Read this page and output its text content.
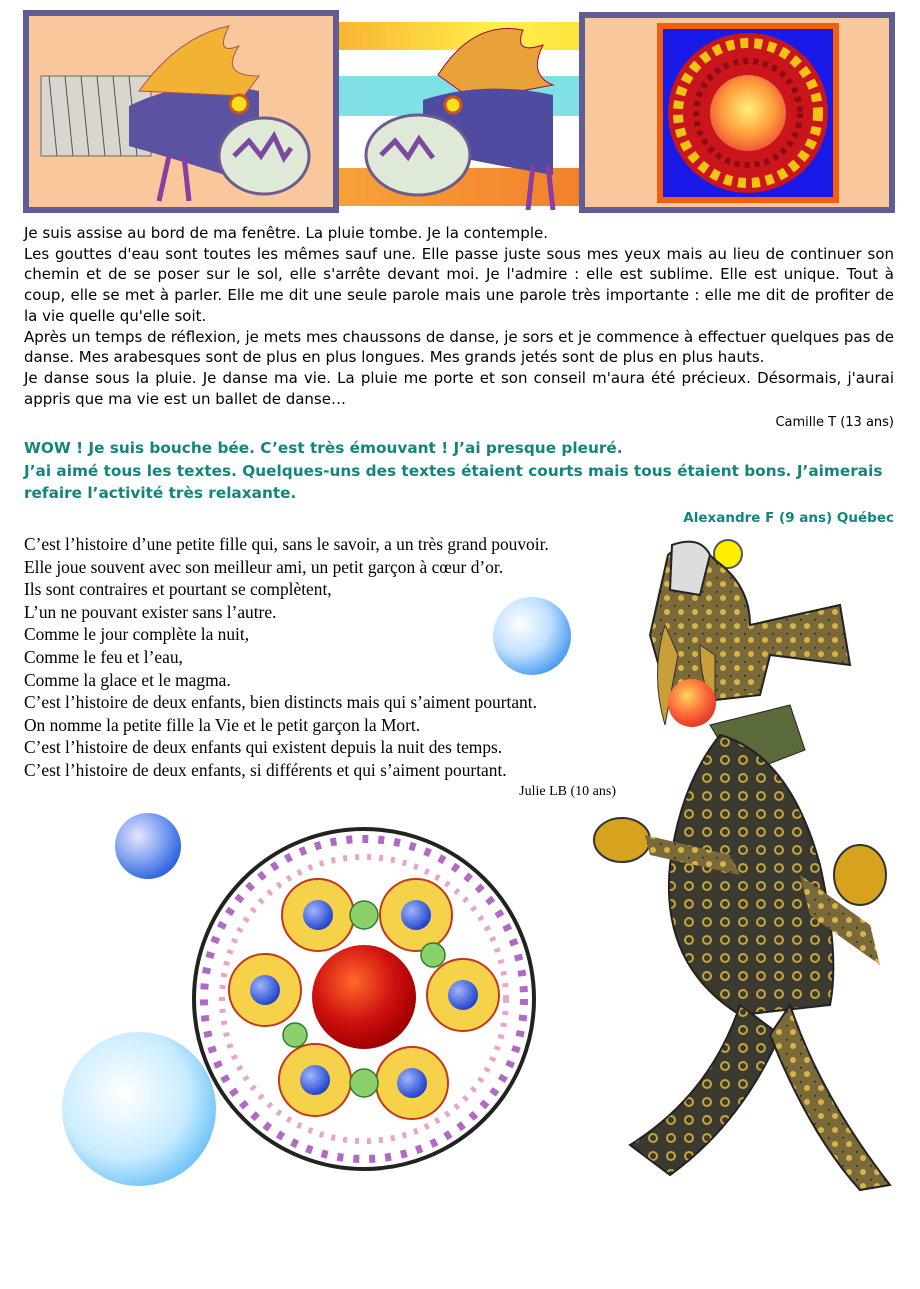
Je suis assise au bord de ma fenêtre. La pluie tombe. Je la contemple.

Les gouttes d'eau sont toutes les mêmes sauf une. Elle passe juste sous mes yeux mais au lieu de continuer son chemin et de se poser sur le sol, elle s'arrête devant moi. Je l'admire : elle est sublime. Elle est unique. Tout à coup, elle se met à parler. Elle me dit une seule parole mais une parole très importante : elle me dit de profiter de la vie quelle qu'elle soit.

Après un temps de réflexion, je mets mes chaussons de danse, je sors et je commence à effectuer quelques pas de danse. Mes arabesques sont de plus en plus longues. Mes grands jetés sont de plus en plus hauts.

Je danse sous la pluie. Je danse ma vie. La pluie me porte et son conseil m'aura été précieux. Désormais, j'aurai appris que ma vie est un ballet de danse…

Camille T (13 ans)

WOW ! Je suis bouche bée. C’est très émouvant ! J’ai presque pleuré.

J’ai aimé tous les textes. Quelques-uns des textes étaient courts mais tous étaient bons. J’aimerais refaire l’activité très relaxante.

Alexandre F (9 ans) Québec
C’est l’histoire d’une petite fille qui, sans le savoir, a un très grand pouvoir.
Elle joue souvent avec son meilleur ami, un petit garçon à cœur d’or.
Ils sont contraires et pourtant se complètent,
L’un ne pouvant exister sans l’autre.
Comme le jour complète la nuit,
Comme le feu et l’eau,
Comme la glace et le magma.
C’est l’histoire de deux enfants, bien distincts mais qui s’aiment pourtant.
On nomme la petite fille la Vie et le petit garçon la Mort.
C’est l’histoire de deux enfants qui existent depuis la nuit des temps.
C’est l’histoire de deux enfants, si différents et qui s’aiment pourtant.
Julie LB (10 ans)
